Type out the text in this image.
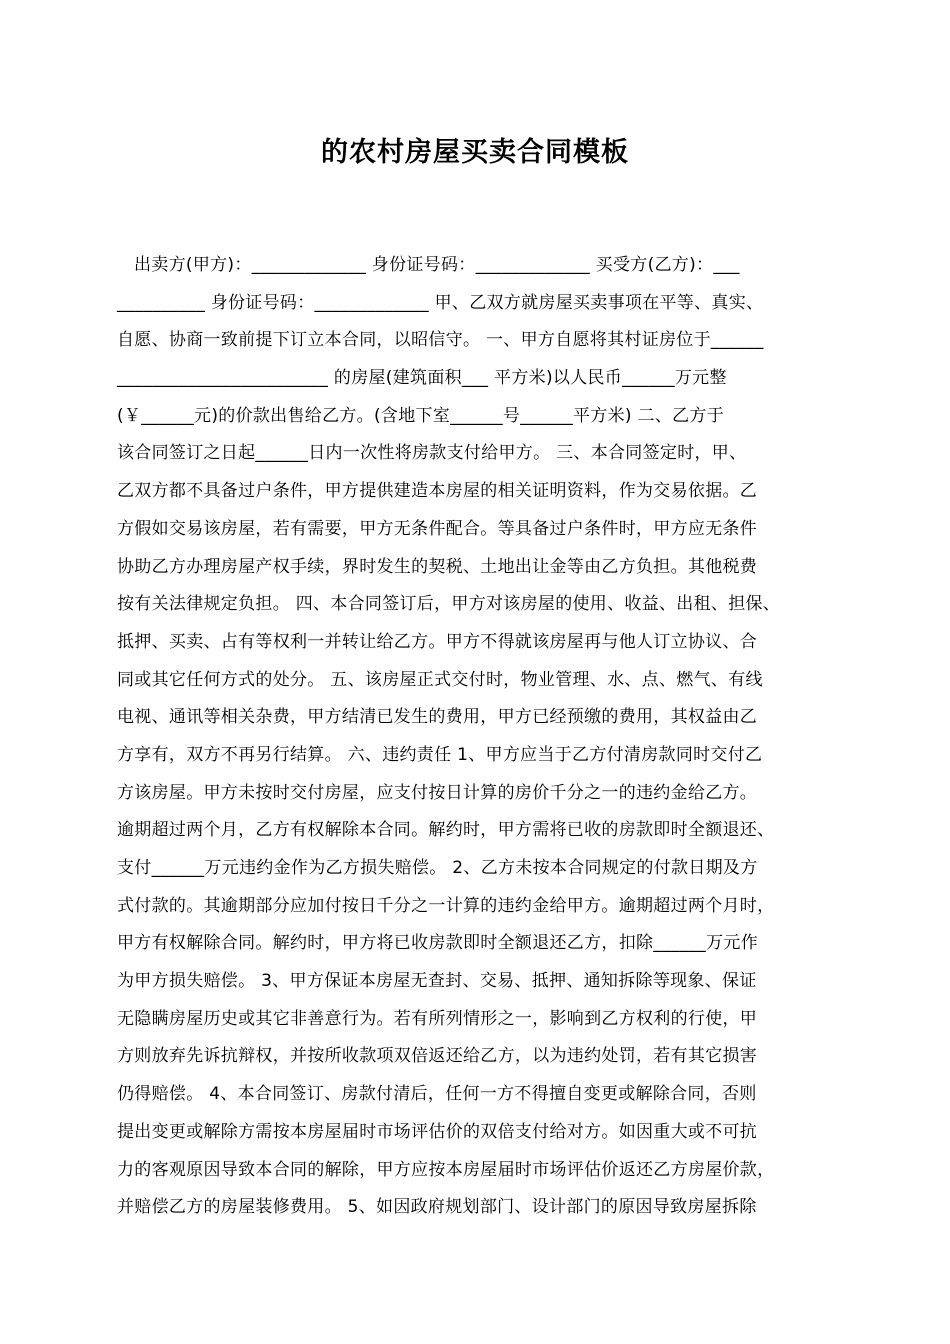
的农村房屋买卖合同模板
出卖方(甲方)：_____________ 身份证号码：_____________ 买受方(乙方)：___
__________ 身份证号码：_____________ 甲、乙双方就房屋买卖事项在平等、真实、
自愿、协商一致前提下订立本合同，以昭信守。 一、甲方自愿将其村证房位于______
________________________ 的房屋(建筑面积___ 平方米)以人民币______万元整
(￥______元)的价款出售给乙方。(含地下室______号______平方米) 二、乙方于
该合同签订之日起______日内一次性将房款支付给甲方。 三、本合同签定时，甲、
乙双方都不具备过户条件，甲方提供建造本房屋的相关证明资料，作为交易依据。乙
方假如交易该房屋，若有需要，甲方无条件配合。等具备过户条件时，甲方应无条件
协助乙方办理房屋产权手续，界时发生的契税、土地出让金等由乙方负担。其他税费
按有关法律规定负担。 四、本合同签订后，甲方对该房屋的使用、收益、出租、担保、
抵押、买卖、占有等权利一并转让给乙方。甲方不得就该房屋再与他人订立协议、合
同或其它任何方式的处分。 五、该房屋正式交付时，物业管理、水、点、燃气、有线
电视、通讯等相关杂费，甲方结清已发生的费用，甲方已经预缴的费用，其权益由乙
方享有，双方不再另行结算。 六、违约责任 1、甲方应当于乙方付清房款同时交付乙
方该房屋。甲方未按时交付房屋，应支付按日计算的房价千分之一的违约金给乙方。
逾期超过两个月，乙方有权解除本合同。解约时，甲方需将已收的房款即时全额退还、
支付______万元违约金作为乙方损失赔偿。 2、乙方未按本合同规定的付款日期及方
式付款的。其逾期部分应加付按日千分之一计算的违约金给甲方。逾期超过两个月时，
甲方有权解除合同。解约时，甲方将已收房款即时全额退还乙方，扣除______万元作
为甲方损失赔偿。 3、甲方保证本房屋无查封、交易、抵押、通知拆除等现象、保证
无隐瞒房屋历史或其它非善意行为。若有所列情形之一，影响到乙方权利的行使，甲
方则放弃先诉抗辩权，并按所收款项双倍返还给乙方，以为违约处罚，若有其它损害
仍得赔偿。 4、本合同签订、房款付清后，任何一方不得擅自变更或解除合同，否则
提出变更或解除方需按本房屋届时市场评估价的双倍支付给对方。如因重大或不可抗
力的客观原因导致本合同的解除，甲方应按本房屋届时市场评估价返还乙方房屋价款，
并赔偿乙方的房屋装修费用。 5、如因政府规划部门、设计部门的原因导致房屋拆除
